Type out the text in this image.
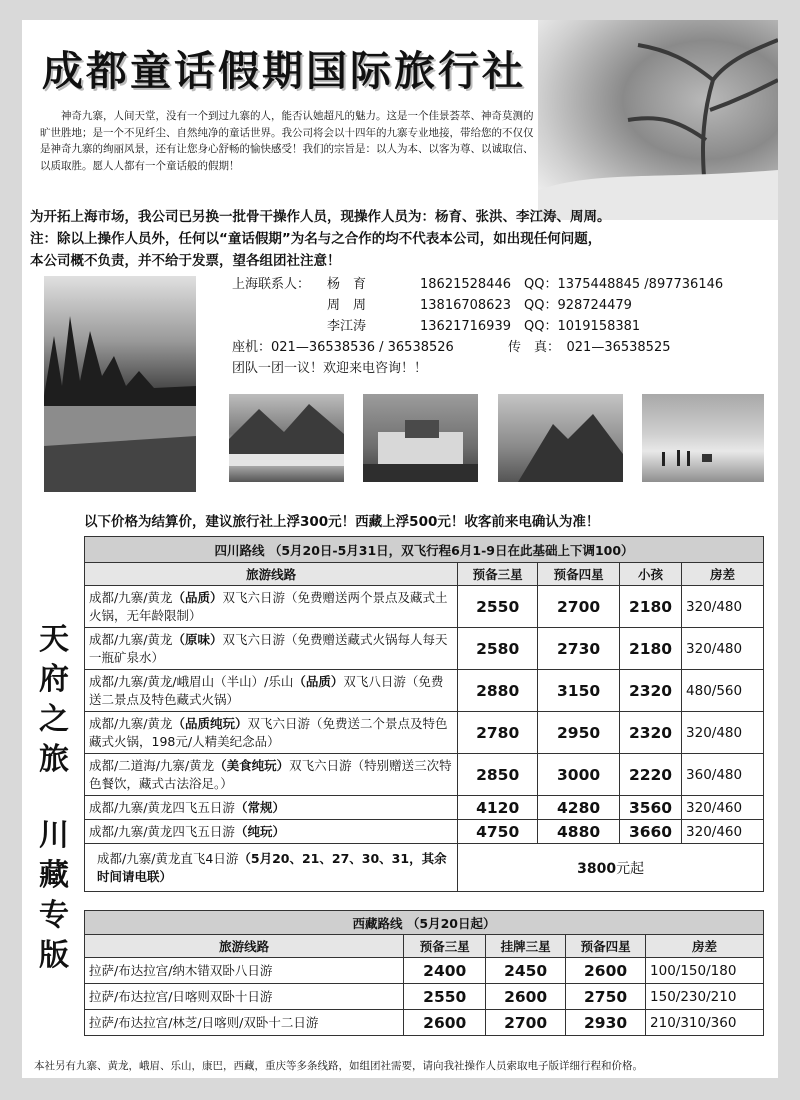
成都童话假期国际旅行社
神奇九寨，人间天堂，没有一个到过九寨的人，能否认她超凡的魅力。这是一个佳景荟萃、神奇莫测的旷世胜地；是一个不见纤尘、自然纯净的童话世界。我公司将会以十四年的九寨专业地接，带给您的不仅仅是神奇九寨的绚丽风景，还有让您身心舒畅的愉快感受！我们的宗旨是：以人为本、以客为尊、以诚取信、以质取胜。愿人人都有一个童话般的假期！
为开拓上海市场，我公司已另换一批骨干操作人员，现操作人员为：杨育、张洪、李江涛、周周。
注：除以上操作人员外，任何以“童话假期”为名与之合作的均不代表本公司，如出现任何问题，
本公司概不负责，并不给于发票，望各组团社注意！
上海联系人： 杨　育	18621528446 QQ：1375448845 /897736146
周　周	13816708623 QQ：928724479
李江涛	13621716939 QQ：1019158381
座机：021—36538536 / 36538526	传　真：　021—36538525
团队一团一议！欢迎来电咨询！！
以下价格为结算价，建议旅行社上浮300元！西藏上浮500元！收客前来电确认为准！
天
府
之
旅
川
藏
专
版
四川路线 （5月20日-5月31日，双飞行程6月1-9日在此基础上下调100）				
旅游线路	预备三星	预备四星	小孩	房差
成都/九寨/黄龙（品质）双飞六日游（免费赠送两个景点及藏式土火锅，无年龄限制）	2550	2700	2180	320/480
成都/九寨/黄龙（原味）双飞六日游（免费赠送藏式火锅每人每天一瓶矿泉水）	2580	2730	2180	320/480
成都/九寨/黄龙/峨眉山（半山）/乐山（品质）双飞八日游（免费送二景点及特色藏式火锅）	2880	3150	2320	480/560
成都/九寨/黄龙（品质纯玩）双飞六日游（免费送二个景点及特色藏式火锅，198元/人精美纪念品）	2780	2950	2320	320/480
成都/二道海/九寨/黄龙（美食纯玩）双飞六日游（特别赠送三次特色餐饮，藏式古法浴足。）	2850	3000	2220	360/480
成都/九寨/黄龙四飞五日游（常规）	4120	4280	3560	320/460
成都/九寨/黄龙四飞五日游（纯玩）	4750	4880	3660	320/460
成都/九寨/黄龙直飞4日游（5月20、21、27、30、31，其余时间请电联）	3800元起			
西藏路线 （5月20日起）				
旅游线路	预备三星	挂牌三星	预备四星	房差
拉萨/布达拉宫/纳木错双卧八日游	2400	2450	2600	100/150/180
拉萨/布达拉宫/日喀则双卧十日游	2550	2600	2750	150/230/210
拉萨/布达拉宫/林芝/日喀则/双卧十二日游	2600	2700	2930	210/310/360
本社另有九寨、黄龙，峨眉、乐山，康巴，西藏，重庆等多条线路，如组团社需要，请向我社操作人员索取电子版详细行程和价格。
